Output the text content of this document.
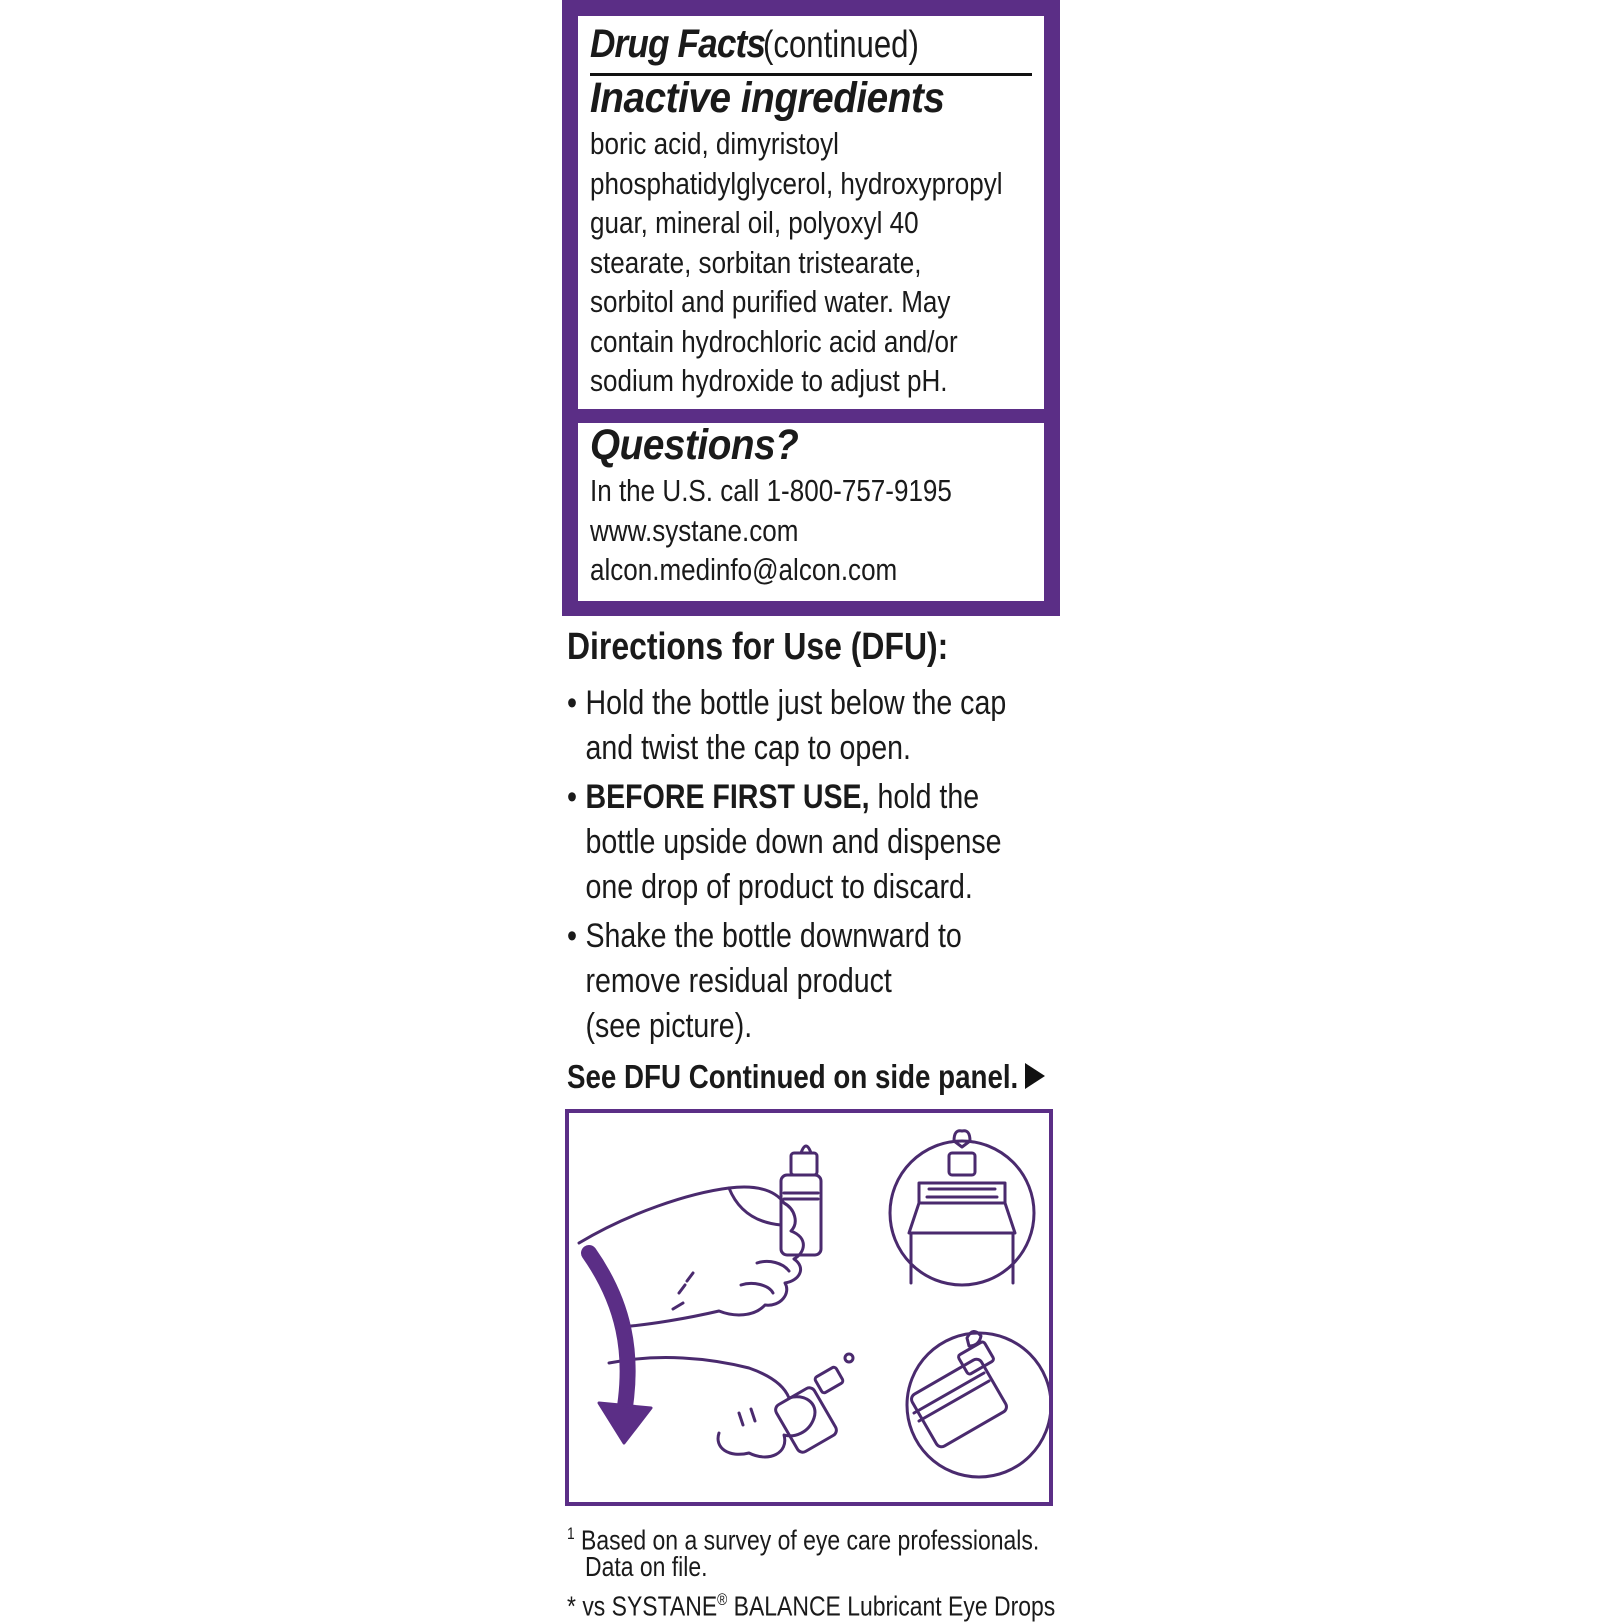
Drug Facts (continued)
Inactive ingredients
boric acid, dimyristoyl
phosphatidylglycerol, hydroxypropyl
guar, mineral oil, polyoxyl 40
stearate, sorbitan tristearate,
sorbitol and purified water. May
contain hydrochloric acid and/or
sodium hydroxide to adjust pH.
Questions?
In the U.S. call 1-800-757-9195
www.systane.com
alcon.medinfo@alcon.com
Directions for Use (DFU):
• Hold the bottle just below the cap
and twist the cap to open.
• BEFORE FIRST USE, hold the
bottle upside down and dispense
one drop of product to discard.
• Shake the bottle downward to
remove residual product
(see picture).
See DFU Continued on side panel.
$^1$ Based on a survey of eye care professionals.
Data on file.
* vs SYSTANE® BALANCE Lubricant Eye Drops
